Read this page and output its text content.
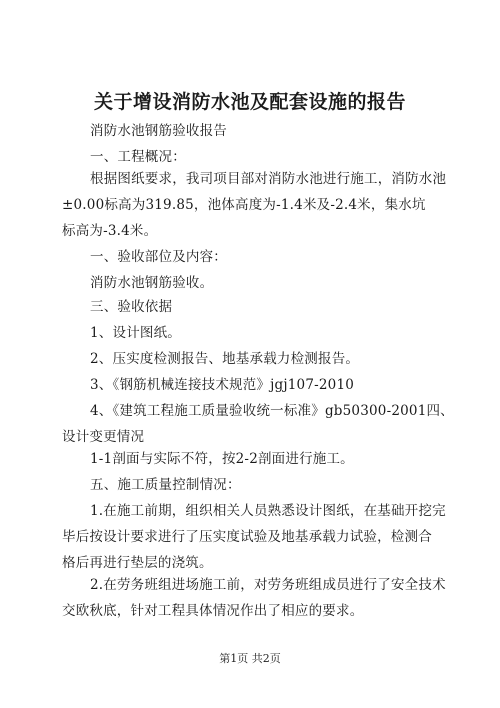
关于增设消防水池及配套设施的报告
消防水池钢筋验收报告
一、工程概况：
根据图纸要求，我司项目部对消防水池进行施工，消防水池
±0.00标高为319.85，池体高度为-1.4米及-2.4米，集水坑
标高为-3.4米。
一、验收部位及内容：
消防水池钢筋验收。
三、验收依据
1、设计图纸。
2、压实度检测报告、地基承载力检测报告。
3、《钢筋机械连接技术规范》jgj107-2010
4、《建筑工程施工质量验收统一标准》gb50300-2001四、
设计变更情况
1-1剖面与实际不符，按2-2剖面进行施工。
五、施工质量控制情况：
1.在施工前期，组织相关人员熟悉设计图纸，在基础开挖完
毕后按设计要求进行了压实度试验及地基承载力试验，检测合
格后再进行垫层的浇筑。
2.在劳务班组进场施工前，对劳务班组成员进行了安全技术
交欧秋底，针对工程具体情况作出了相应的要求。
第1页 共2页
